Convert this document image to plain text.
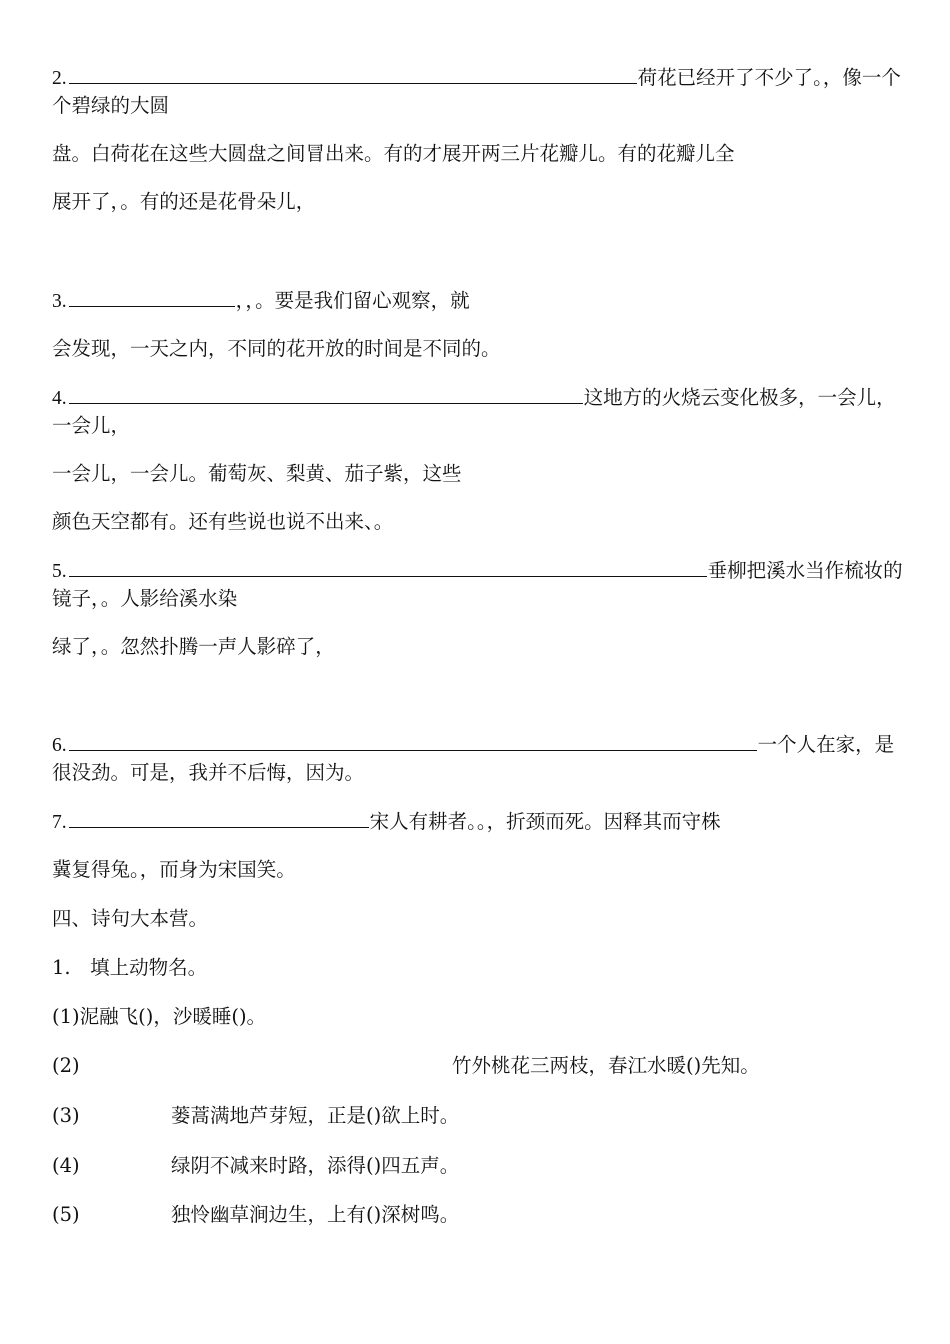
2.	荷花已经开了不少了。，像一个个碧绿的大圆
盘。白荷花在这些大圆盘之间冒出来。有的才展开两三片花瓣儿。有的花瓣儿全
展开了，。有的还是花骨朵儿，
3.	，，。要是我们留心观察，就
会发现，一天之内，不同的花开放的时间是不同的。
4.	这地方的火烧云变化极多，一会儿，一会儿，
一会儿，一会儿。葡萄灰、梨黄、茄子紫，这些
颜色天空都有。还有些说也说不出来、。
5.	垂柳把溪水当作梳妆的镜子，。人影给溪水染
绿了，。忽然扑腾一声人影碎了，
6.	一个人在家，是很没劲。可是，我并不后悔，因为。
7.	宋人有耕者。。，折颈而死。因释其而守株
冀复得兔。，而身为宋国笑。
四、诗句大本营。
1.　填上动物名。
(1)泥融飞()，沙暖睡()。
(2)	竹外桃花三两枝，春江水暖()先知。
(3)	蒌蒿满地芦芽短，正是()欲上时。
(4)	绿阴不减来时路，添得()四五声。
(5)	独怜幽草涧边生，上有()深树鸣。
